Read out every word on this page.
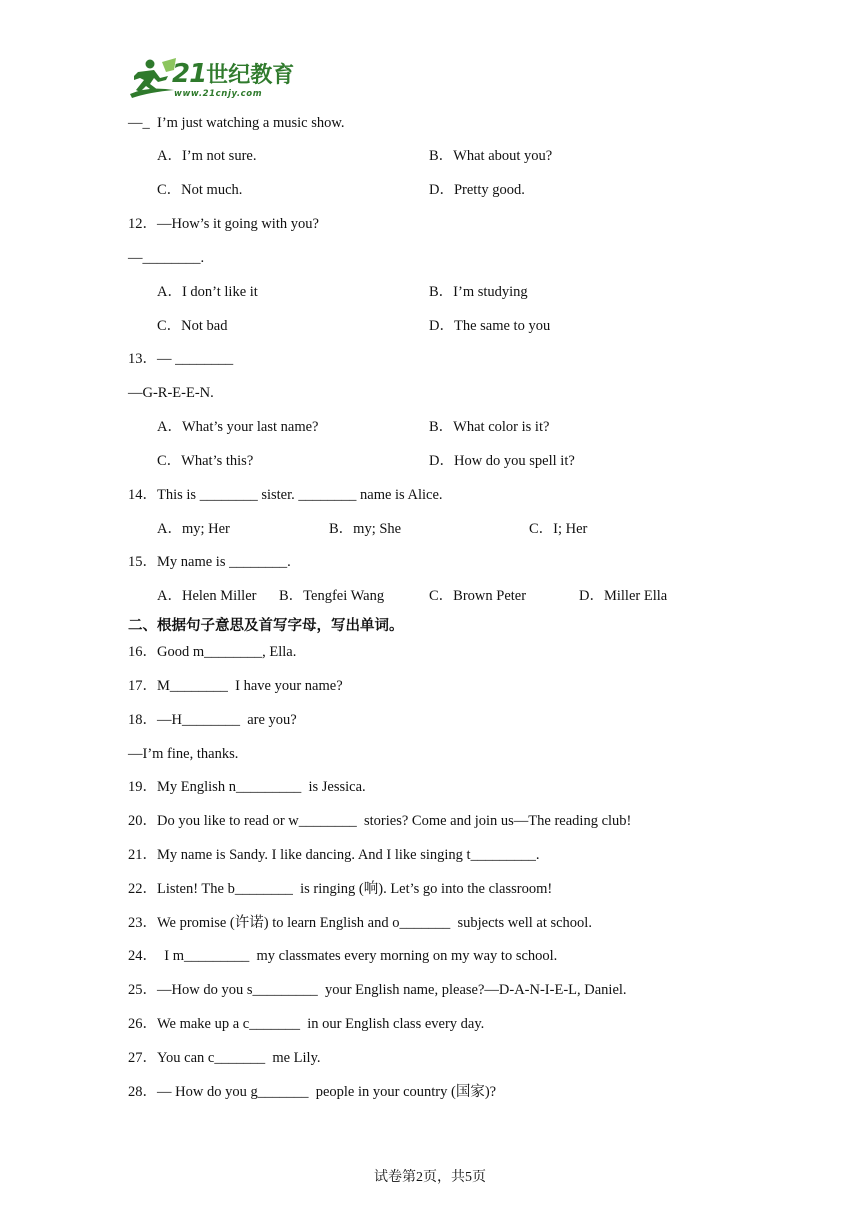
21世纪教育
www.21cnjy.com
—_  I’m just watching a music show.
A．I’m not sure.	B．What about you?
C．Not much.	D．Pretty good.
12．—How’s it going with you?
—________.
A．I don’t like it	B．I’m studying
C．Not bad	D．The same to you
13．— ________
—G-R-E-E-N.
A．What’s your last name?	B．What color is it?
C．What’s this?	D．How do you spell it?
14．This is ________ sister. ________ name is Alice.
A．my; Her	B．my; She	C．I; Her
15．My name is ________.
A．Helen Miller B．Tengfei Wang	C．Brown Peter	D．Miller Ella
二、根据句子意思及首写字母，写出单词。
16．Good m________, Ella.
17．M________  I have your name?
18．—H________  are you?
—I’m fine, thanks.
19．My English n_________  is Jessica.
20．Do you like to read or w________  stories? Come and join us—The reading club!
21．My name is Sandy. I like dancing. And I like singing t_________.
22．Listen! The b________  is ringing (响). Let’s go into the classroom!
23．We promise (许诺) to learn English and o_______  subjects well at school.
24．  I m_________  my classmates every morning on my way to school.
25．—How do you s_________  your English name, please?—D-A-N-I-E-L, Daniel.
26．We make up a c_______  in our English class every day.
27．You can c_______  me Lily.
28．— How do you g_______  people in your country (国家)?
试卷第2页，共5页
